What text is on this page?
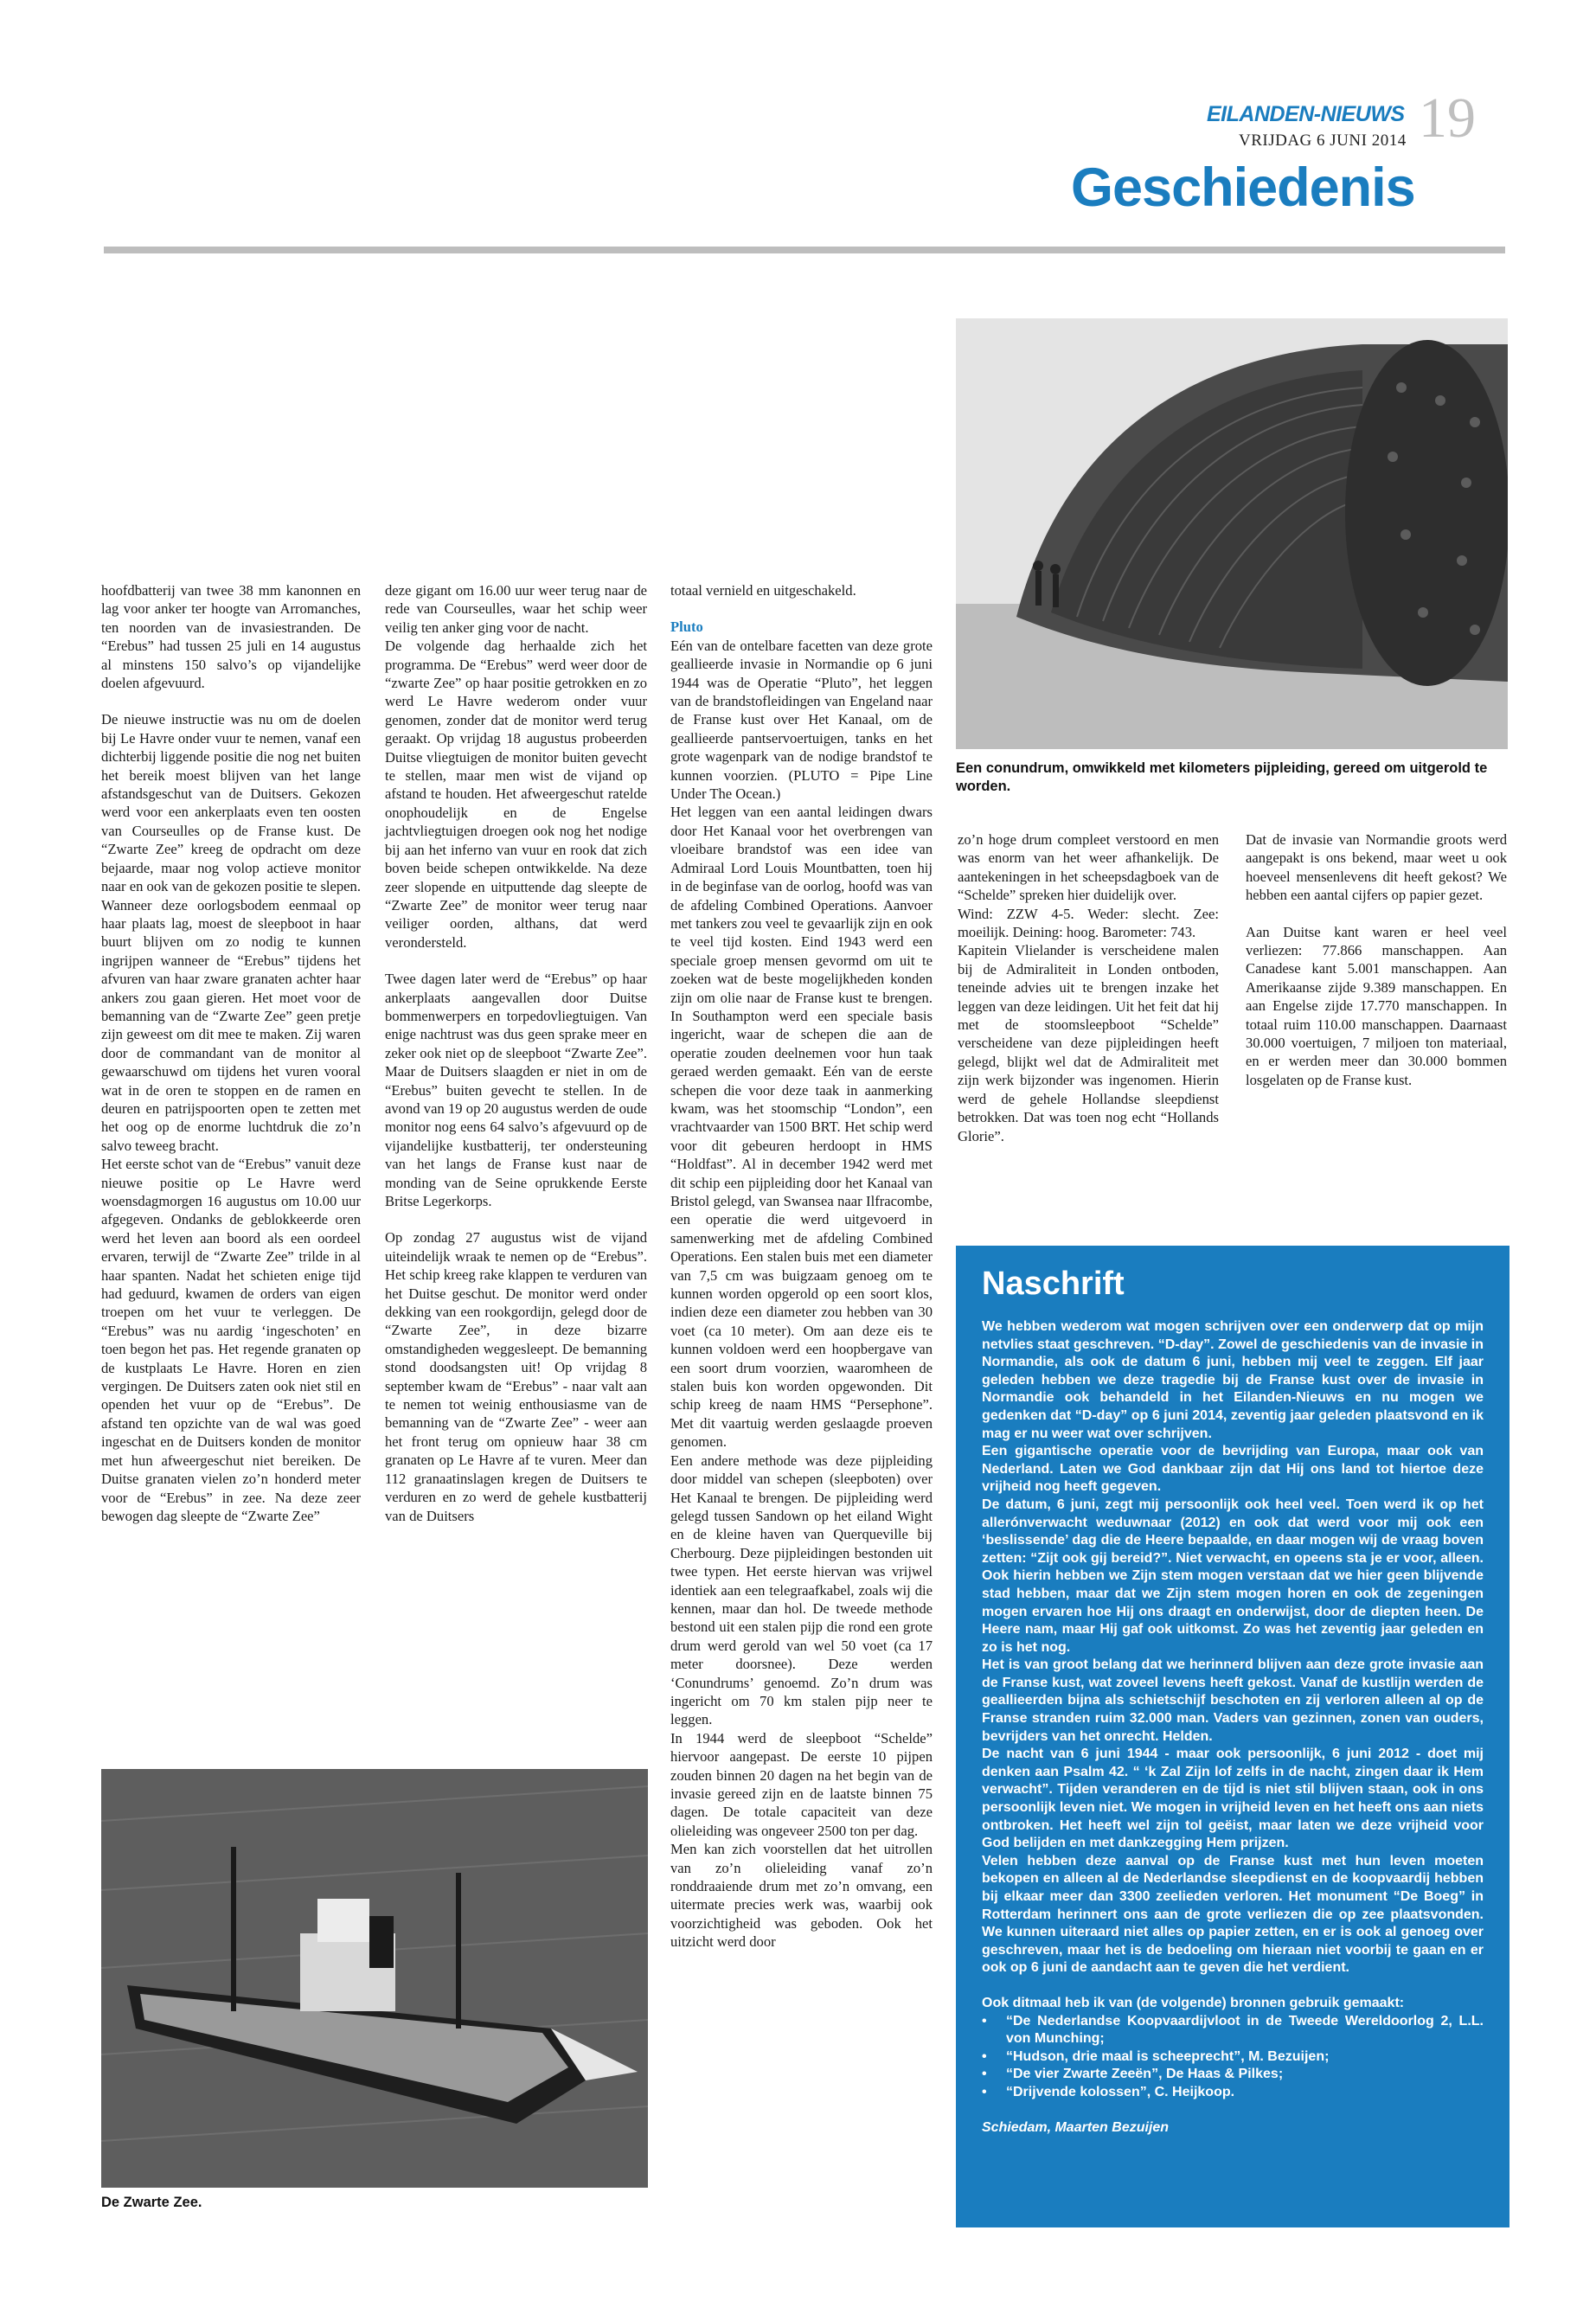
EILANDEN-NIEUWS
VRIJDAG 6 JUNI 2014 19
Geschiedenis
Een conundrum, omwikkeld met kilometers pijpleiding, gereed om uitgerold te worden.
De Zwarte Zee.

hoofdbatterij van twee 38 mm kanonnen en lag voor anker ter hoogte van Arromanches, ten noorden van de invasiestranden. De “Erebus” had tussen 25 juli en 14 augustus al minstens 150 salvo’s op vijandelijke doelen afgevuurd.

De nieuwe instructie was nu om de doelen bij Le Havre onder vuur te nemen, vanaf een dichterbij liggende positie die nog net buiten het bereik moest blijven van het lange afstandsgeschut van de Duitsers. Gekozen werd voor een ankerplaats even ten oosten van Courseulles op de Franse kust. De “Zwarte Zee” kreeg de opdracht om deze bejaarde, maar nog volop actieve monitor naar en ook van de gekozen positie te slepen. Wanneer deze oorlogsbodem eenmaal op haar plaats lag, moest de sleepboot in haar buurt blijven om zo nodig te kunnen ingrijpen wanneer de “Erebus” tijdens het afvuren van haar zware granaten achter haar ankers zou gaan gieren. Het moet voor de bemanning van de “Zwarte Zee” geen pretje zijn geweest om dit mee te maken. Zij waren door de commandant van de monitor al gewaarschuwd om tijdens het vuren vooral wat in de oren te stoppen en de ramen en deuren en patrijspoorten open te zetten met het oog op de enorme luchtdruk die zo’n salvo teweeg bracht.

Het eerste schot van de “Erebus” vanuit deze nieuwe positie op Le Havre werd woensdagmorgen 16 augustus om 10.00 uur afgegeven. Ondanks de geblokkeerde oren werd het leven aan boord als een oordeel ervaren, terwijl de “Zwarte Zee” trilde in al haar spanten. Nadat het schieten enige tijd had geduurd, kwamen de orders van eigen troepen om het vuur te verleggen. De “Erebus” was nu aardig ‘ingeschoten’ en toen begon het pas. Het regende granaten op de kustplaats Le Havre. Horen en zien vergingen. De Duitsers zaten ook niet stil en openden het vuur op de “Erebus”. De afstand ten opzichte van de wal was goed ingeschat en de Duitsers konden de monitor met hun afweergeschut niet bereiken. De Duitse granaten vielen zo’n honderd meter voor de “Erebus” in zee. Na deze zeer bewogen dag sleepte de “Zwarte Zee”

deze gigant om 16.00 uur weer terug naar de rede van Courseulles, waar het schip weer veilig ten anker ging voor de nacht.

De volgende dag herhaalde zich het programma. De “Erebus” werd weer door de “zwarte Zee” op haar positie getrokken en zo werd Le Havre wederom onder vuur genomen, zonder dat de monitor werd terug geraakt. Op vrijdag 18 augustus probeerden Duitse vliegtuigen de monitor buiten gevecht te stellen, maar men wist de vijand op afstand te houden. Het afweergeschut ratelde onophoudelijk en de Engelse jachtvliegtuigen droegen ook nog het nodige bij aan het inferno van vuur en rook dat zich boven beide schepen ontwikkelde. Na deze zeer slopende en uitputtende dag sleepte de “Zwarte Zee” de monitor weer terug naar veiliger oorden, althans, dat werd verondersteld.

Twee dagen later werd de “Erebus” op haar ankerplaats aangevallen door Duitse bommenwerpers en torpedovliegtuigen. Van enige nachtrust was dus geen sprake meer en zeker ook niet op de sleepboot “Zwarte Zee”. Maar de Duitsers slaagden er niet in om de “Erebus” buiten gevecht te stellen. In de avond van 19 op 20 augustus werden de oude monitor nog eens 64 salvo’s afgevuurd op de vijandelijke kustbatterij, ter ondersteuning van het langs de Franse kust naar de monding van de Seine oprukkende Eerste Britse Legerkorps.

Op zondag 27 augustus wist de vijand uiteindelijk wraak te nemen op de “Erebus”. Het schip kreeg rake klappen te verduren van het Duitse geschut. De monitor werd onder dekking van een rookgordijn, gelegd door de “Zwarte Zee”, in deze bizarre omstandigheden weggesleept. De bemanning stond doodsangsten uit! Op vrijdag 8 september kwam de “Erebus” - naar valt aan te nemen tot weinig enthousiasme van de bemanning van de “Zwarte Zee” - weer aan het front terug om opnieuw haar 38 cm granaten op Le Havre af te vuren. Meer dan 112 granaatinslagen kregen de Duitsers te verduren en zo werd de gehele kustbatterij van de Duitsers

totaal vernield en uitgeschakeld.

Pluto

Eén van de ontelbare facetten van deze grote geallieerde invasie in Normandie op 6 juni 1944 was de Operatie “Pluto”, het leggen van de brandstofleidingen van Engeland naar de Franse kust over Het Kanaal, om de geallieerde pantservoertuigen, tanks en het grote wagenpark van de nodige brandstof te kunnen voorzien. (PLUTO = Pipe Line Under The Ocean.)

Het leggen van een aantal leidingen dwars door Het Kanaal voor het overbrengen van vloeibare brandstof was een idee van Admiraal Lord Louis Mountbatten, toen hij in de beginfase van de oorlog, hoofd was van de afdeling Combined Operations. Aanvoer met tankers zou veel te gevaarlijk zijn en ook te veel tijd kosten. Eind 1943 werd een speciale groep mensen gevormd om uit te zoeken wat de beste mogelijkheden konden zijn om olie naar de Franse kust te brengen. In Southampton werd een speciale basis ingericht, waar de schepen die aan de operatie zouden deelnemen voor hun taak geraed werden gemaakt. Eén van de eerste schepen die voor deze taak in aanmerking kwam, was het stoomschip “London”, een vrachtvaarder van 1500 BRT. Het schip werd voor dit gebeuren herdoopt in HMS “Holdfast”. Al in december 1942 werd met dit schip een pijpleiding door het Kanaal van Bristol gelegd, van Swansea naar Ilfracombe, een operatie die werd uitgevoerd in samenwerking met de afdeling Combined Operations. Een stalen buis met een diameter van 7,5 cm was buigzaam genoeg om te kunnen worden opgerold op een soort klos, indien deze een diameter zou hebben van 30 voet (ca 10 meter). Om aan deze eis te kunnen voldoen werd een hoopbergave van een soort drum voorzien, waaromheen de stalen buis kon worden opgewonden. Dit schip kreeg de naam HMS “Persephone”. Met dit vaartuig werden geslaagde proeven genomen.

Een andere methode was deze pijpleiding door middel van schepen (sleepboten) over Het Kanaal te brengen. De pijpleiding werd gelegd tussen Sandown op het eiland Wight en de kleine haven van Querqueville bij Cherbourg. Deze pijpleidingen bestonden uit twee typen. Het eerste hiervan was vrijwel identiek aan een telegraafkabel, zoals wij die kennen, maar dan hol. De tweede methode bestond uit een stalen pijp die rond een grote drum werd gerold van wel 50 voet (ca 17 meter doorsnee). Deze werden ‘Conundrums’ genoemd. Zo’n drum was ingericht om 70 km stalen pijp neer te leggen.

In 1944 werd de sleepboot “Schelde” hiervoor aangepast. De eerste 10 pijpen zouden binnen 20 dagen na het begin van de invasie gereed zijn en de laatste binnen 75 dagen. De totale capaciteit van deze olieleiding was ongeveer 2500 ton per dag.

Men kan zich voorstellen dat het uitrollen van zo’n olieleiding vanaf zo’n ronddraaiende drum met zo’n omvang, een uitermate precies werk was, waarbij ook voorzichtigheid was geboden. Ook het uitzicht werd door

zo’n hoge drum compleet verstoord en men was enorm van het weer afhankelijk. De aantekeningen in het scheepsdagboek van de “Schelde” spreken hier duidelijk over.

Wind: ZZW 4-5. Weder: slecht. Zee: moeilijk. Deining: hoog. Barometer: 743.

Kapitein Vlielander is verscheidene malen bij de Admiraliteit in Londen ontboden, teneinde advies uit te brengen inzake het leggen van deze leidingen. Uit het feit dat hij met de stoomsleepboot “Schelde” verscheidene van deze pijpleidingen heeft gelegd, blijkt wel dat de Admiraliteit met zijn werk bijzonder was ingenomen. Hierin werd de gehele Hollandse sleepdienst betrokken. Dat was toen nog echt “Hollands Glorie”.

Dat de invasie van Normandie groots werd aangepakt is ons bekend, maar weet u ook hoeveel mensenlevens dit heeft gekost? We hebben een aantal cijfers op papier gezet.

Aan Duitse kant waren er heel veel verliezen: 77.866 manschappen. Aan Canadese kant 5.001 manschappen. Aan Amerikaanse zijde 9.389 manschappen. En aan Engelse zijde 17.770 manschappen. In totaal ruim 110.00 manschappen. Daarnaast 30.000 voertuigen, 7 miljoen ton materiaal, en er werden meer dan 30.000 bommen losgelaten op de Franse kust.

Naschrift

We hebben wederom wat mogen schrijven over een onderwerp dat op mijn netvlies staat geschreven. “D-day”. Zowel de geschiedenis van de invasie in Normandie, als ook de datum 6 juni, hebben mij veel te zeggen. Elf jaar geleden hebben we deze tragedie bij de Franse kust over de invasie in Normandie ook behandeld in het Eilanden-Nieuws en nu mogen we gedenken dat “D-day” op 6 juni 2014, zeventig jaar geleden plaatsvond en ik mag er nu weer wat over schrijven.

Een gigantische operatie voor de bevrijding van Europa, maar ook van Nederland. Laten we God dankbaar zijn dat Hij ons land tot hiertoe deze vrijheid nog heeft gegeven.

De datum, 6 juni, zegt mij persoonlijk ook heel veel. Toen werd ik op het allerónverwacht weduwnaar (2012) en ook dat werd voor mij ook een ‘beslissende’ dag die de Heere bepaalde, en daar mogen wij de vraag boven zetten: “Zijt ook gij bereid?”. Niet verwacht, en opeens sta je er voor, alleen. Ook hierin hebben we Zijn stem mogen verstaan dat we hier geen blijvende stad hebben, maar dat we Zijn stem mogen horen en ook de zegeningen mogen ervaren hoe Hij ons draagt en onderwijst, door de diepten heen. De Heere nam, maar Hij gaf ook uitkomst. Zo was het zeventig jaar geleden en zo is het nog.

Het is van groot belang dat we herinnerd blijven aan deze grote invasie aan de Franse kust, wat zoveel levens heeft gekost. Vanaf de kustlijn werden de geallieerden bijna als schietschijf beschoten en zij verloren alleen al op de Franse stranden ruim 32.000 man. Vaders van gezinnen, zonen van ouders, bevrijders van het onrecht. Helden.

De nacht van 6 juni 1944 - maar ook persoonlijk, 6 juni 2012 - doet mij denken aan Psalm 42. “ ‘k Zal Zijn lof zelfs in de nacht, zingen daar ik Hem verwacht”. Tijden veranderen en de tijd is niet stil blijven staan, ook in ons persoonlijk leven niet. We mogen in vrijheid leven en het heeft ons aan niets ontbroken. Het heeft wel zijn tol geëist, maar laten we deze vrijheid voor God belijden en met dankzegging Hem prijzen.

Velen hebben deze aanval op de Franse kust met hun leven moeten bekopen en alleen al de Nederlandse sleepdienst en de koopvaardij hebben bij elkaar meer dan 3300 zeelieden verloren. Het monument “De Boeg” in Rotterdam herinnert ons aan de grote verliezen die op zee plaatsvonden. We kunnen uiteraard niet alles op papier zetten, en er is ook al genoeg over geschreven, maar het is de bedoeling om hieraan niet voorbij te gaan en er ook op 6 juni de aandacht aan te geven die het verdient.

Ook ditmaal heb ik van (de volgende) bronnen gebruik gemaakt:

• “De Nederlandse Koopvaardijvloot in de Tweede Wereldoorlog 2, L.L. von Munching;
• “Hudson, drie maal is scheeprecht”, M. Bezuijen;
• “De vier Zwarte Zeeën”, De Haas & Pilkes;
• “Drijvende kolossen”, C. Heijkoop.

Schiedam, Maarten Bezuijen
